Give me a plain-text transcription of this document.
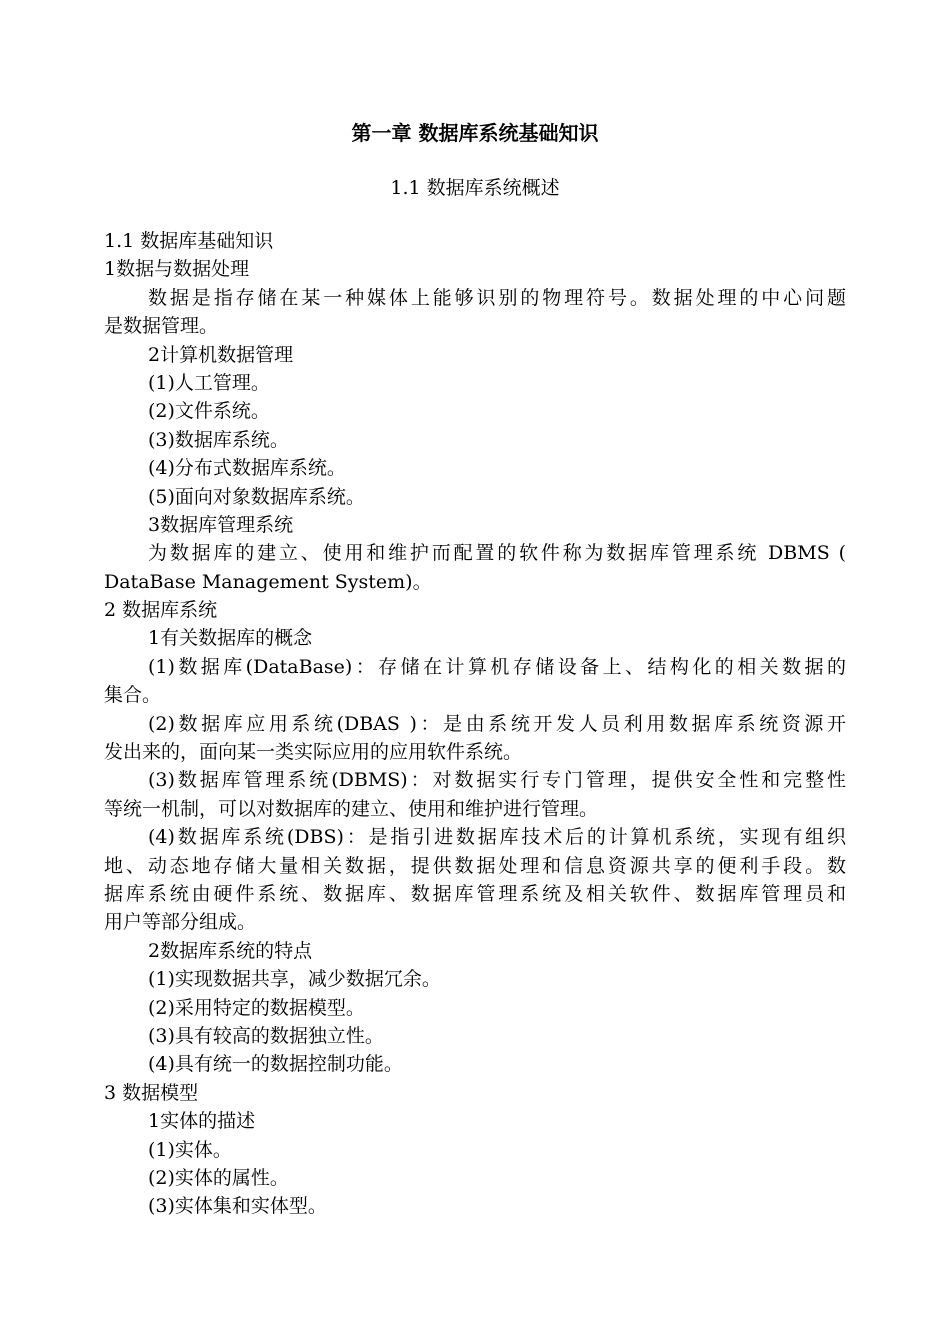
第一章 数据库系统基础知识
1.1 数据库系统概述
1.1 数据库基础知识
1数据与数据处理
数据是指存储在某一种媒体上能够识别的物理符号。数据处理的中心问题
是数据管理。
2计算机数据管理
(1)人工管理。
(2)文件系统。
(3)数据库系统。
(4)分布式数据库系统。
(5)面向对象数据库系统。
3数据库管理系统
为数据库的建立、使用和维护而配置的软件称为数据库管理系统 DBMS (
DataBase Management System)。
2 数据库系统
1有关数据库的概念
(1)数据库(DataBase)：存储在计算机存储设备上、结构化的相关数据的
集合。
(2)数据库应用系统(DBAS )：是由系统开发人员利用数据库系统资源开
发出来的，面向某一类实际应用的应用软件系统。
(3)数据库管理系统(DBMS)：对数据实行专门管理，提供安全性和完整性
等统一机制，可以对数据库的建立、使用和维护进行管理。
(4)数据库系统(DBS)：是指引进数据库技术后的计算机系统，实现有组织
地、动态地存储大量相关数据，提供数据处理和信息资源共享的便利手段。数
据库系统由硬件系统、数据库、数据库管理系统及相关软件、数据库管理员和
用户等部分组成。
2数据库系统的特点
(1)实现数据共享，减少数据冗余。
(2)采用特定的数据模型。
(3)具有较高的数据独立性。
(4)具有统一的数据控制功能。
3 数据模型
1实体的描述
(1)实体。
(2)实体的属性。
(3)实体集和实体型。
